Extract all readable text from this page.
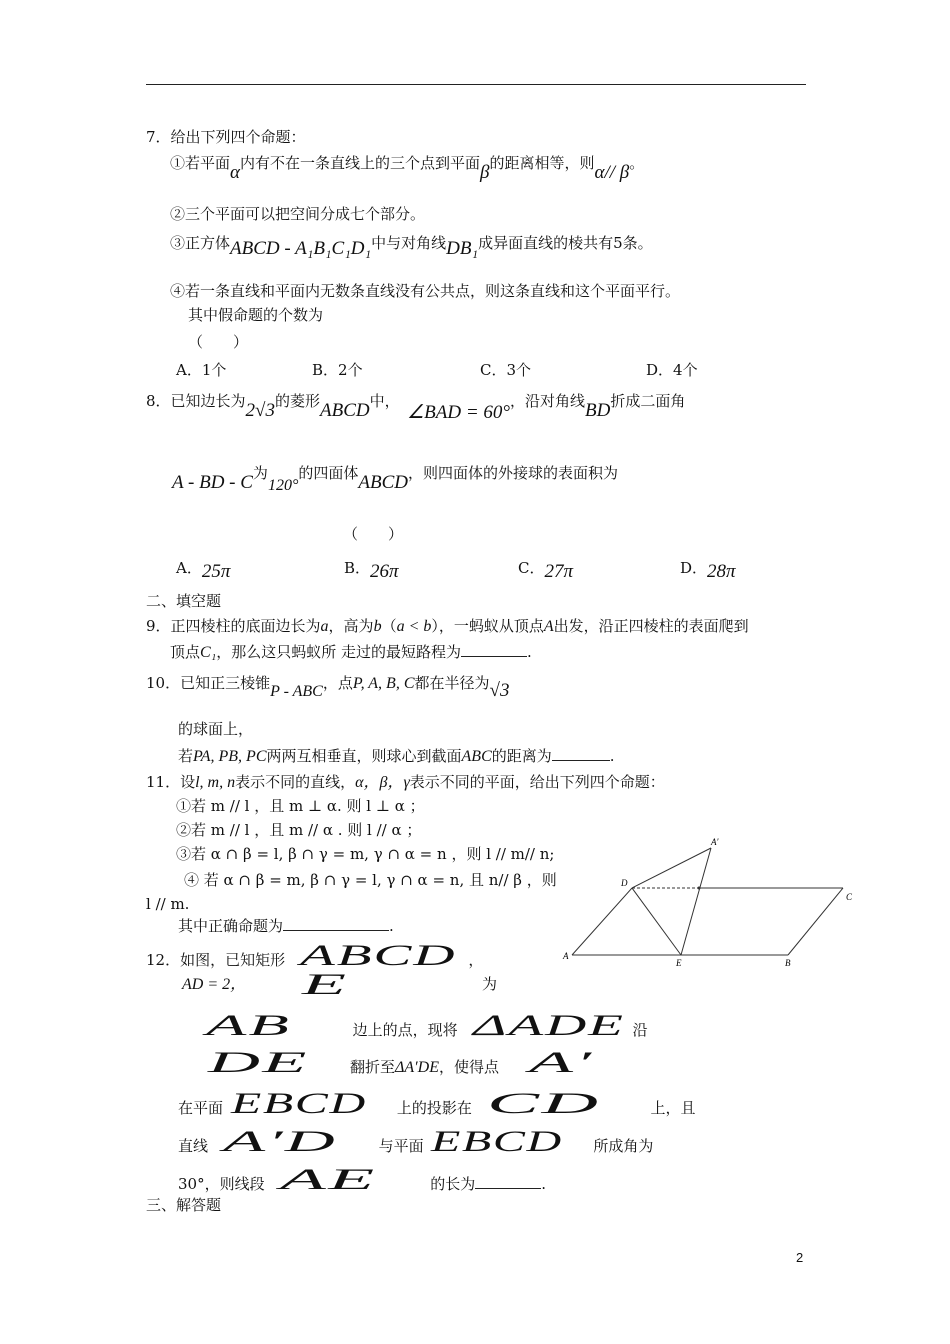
7．给出下列四个命题：
①若平面α内有不在一条直线上的三个点到平面β的距离相等，则α// β。
②三个平面可以把空间分成七个部分。
③正方体ABCD - A₁B₁C₁D₁中与对角线DB₁成异面直线的棱共有5条。
④若一条直线和平面内无数条直线没有公共点，则这条直线和这个平面平行。
其中假命题的个数为
（　　）
A．1个	B．2个	C．3个	D．4个
8．已知边长为2√3的菱形ABCD中， ∠BAD = 60°，沿对角线BD折成二面角
A - BD - C为120°的四面体ABCD，则四面体的外接球的表面积为
（　　）
A．25π	B．26π	C．27π	D．28π
二、填空题
9．正四棱柱的底面边长为a，高为b（a < b），一蚂蚁从顶点A出发，沿正四棱柱的表面爬到
顶点C₁，那么这只蚂蚁所 走过的最短路程为	.
10．已知正三棱锥P - ABC，点P, A, B, C都在半径为√3
的球面上，
若PA, PB, PC两两互相垂直，则球心到截面ABC的距离为	.
11．设l, m, n表示不同的直线，α，β，γ表示不同的平面，给出下列四个命题：
①若 m // l ，且 m ⊥ α. 则 l ⊥ α ；
②若 m // l ，且 m // α . 则 l // α ；
③若 α ∩ β = l, β ∩ γ = m, γ ∩ α = n ，则 l // m// n;
④ 若 α ∩ β = m, β ∩ γ = l, γ ∩ α = n, 且 n// β ，则
l // m.
其中正确命题为	.
A′
D
C
A
E	B
12．如图，已知矩形  ABCD ，
AD = 2， E	为
AB	边上的点，现将  ΔADE 沿
DE	翻折至ΔA′DE，使得点   A′
在平面  EBCD 上的投影在  CD	上，且
直线  A′D	与平面  EBCD 所成角为
30°，则线段  AE	的长为	.
三、解答题
2
